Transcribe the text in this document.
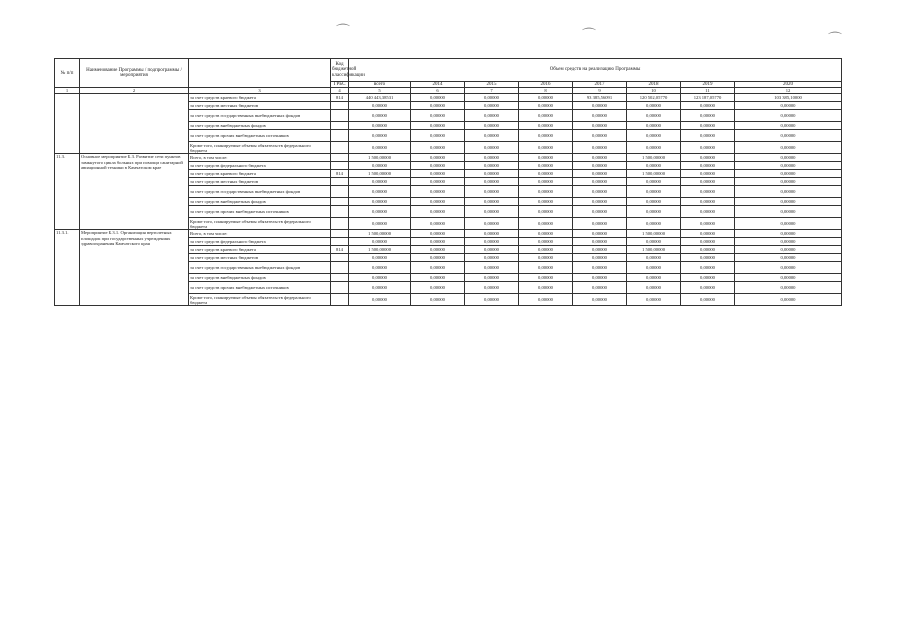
⌒	⌒	⌒
№ п/п	Наименование Программы / подпрограммы / мероприятия		Код бюджетной классификации	Объем средств на реализацию Программы							
			ГРБС	всего	2014	2015	2016	2017	2018	2019	2020
1	2	3	4	5	6	7	8	9	10	11	12
		за счет средств краевого бюджета	814	440 443,38531	0,00000	0,00000	0,00000	93 385,56091	120 502,05770	123 187,05770	103 385,10000
		за счет средств местных бюджетов		0,00000	0,00000	0,00000	0,00000	0,00000	0,00000	0,00000	0,00000
		за счет средств государственных внебюджетных фондов		0,00000	0,00000	0,00000	0,00000	0,00000	0,00000	0,00000	0,00000
		за счет средств внебюджетных фондов		0,00000	0,00000	0,00000	0,00000	0,00000	0,00000	0,00000	0,00000
		за счет средств прочих внебюджетных источников		0,00000	0,00000	0,00000	0,00000	0,00000	0,00000	0,00000	0,00000
		Кроме того, планируемые объемы обязательств федерального бюджета		0,00000	0,00000	0,00000	0,00000	0,00000	0,00000	0,00000	0,00000
11.3.	Основное мероприятие Б.3. Развитие сети пунктов замкнутого цикла больных при помощи санитарной авиационной техники в Камчатском крае	Всего, в том числе:		1 500,00000	0,00000	0,00000	0,00000	0,00000	1 500,00000	0,00000	0,00000
		за счет средств федерального бюджета		0,00000	0,00000	0,00000	0,00000	0,00000	0,00000	0,00000	0,00000
		за счет средств краевого бюджета	814	1 500,00000	0,00000	0,00000	0,00000	0,00000	1 500,00000	0,00000	0,00000
		за счет средств местных бюджетов		0,00000	0,00000	0,00000	0,00000	0,00000	0,00000	0,00000	0,00000
		за счет средств государственных внебюджетных фондов		0,00000	0,00000	0,00000	0,00000	0,00000	0,00000	0,00000	0,00000
		за счет средств внебюджетных фондов		0,00000	0,00000	0,00000	0,00000	0,00000	0,00000	0,00000	0,00000
		за счет средств прочих внебюджетных источников		0,00000	0,00000	0,00000	0,00000	0,00000	0,00000	0,00000	0,00000
		Кроме того, планируемые объемы обязательств федерального бюджета		0,00000	0,00000	0,00000	0,00000	0,00000	0,00000	0,00000	0,00000
11.3.1.	Мероприятие Б.3.1. Организация вертолетных площадок при государственных учреждениях здравоохранения Камчатского края	Всего, в том числе:		1 500,00000	0,00000	0,00000	0,00000	0,00000	1 500,00000	0,00000	0,00000
		за счет средств федерального бюджета		0,00000	0,00000	0,00000	0,00000	0,00000	0,00000	0,00000	0,00000
		за счет средств краевого бюджета	814	1 500,00000	0,00000	0,00000	0,00000	0,00000	1 500,00000	0,00000	0,00000
		за счет средств местных бюджетов		0,00000	0,00000	0,00000	0,00000	0,00000	0,00000	0,00000	0,00000
		за счет средств государственных внебюджетных фондов		0,00000	0,00000	0,00000	0,00000	0,00000	0,00000	0,00000	0,00000
		за счет средств внебюджетных фондов		0,00000	0,00000	0,00000	0,00000	0,00000	0,00000	0,00000	0,00000
		за счет средств прочих внебюджетных источников		0,00000	0,00000	0,00000	0,00000	0,00000	0,00000	0,00000	0,00000
		Кроме того, планируемые объемы обязательств федерального бюджета		0,00000	0,00000	0,00000	0,00000	0,00000	0,00000	0,00000	0,00000
